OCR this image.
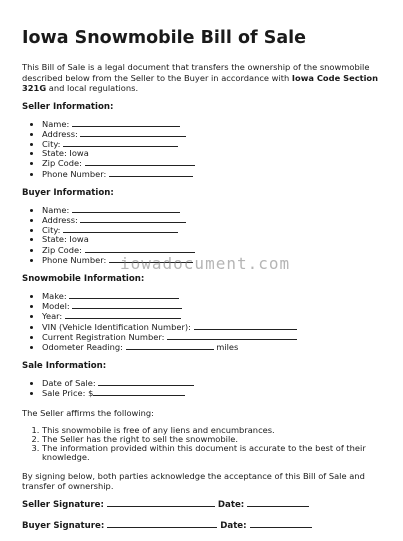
Iowa Snowmobile Bill of Sale
This Bill of Sale is a legal document that transfers the ownership of the snowmobile described below from the Seller to the Buyer in accordance with Iowa Code Section 321G and local regulations.
Seller Information:
• Name:
• Address:
• City:
• State: Iowa
• Zip Code:
• Phone Number:
Buyer Information:
• Name:
• Address:
• City:
• State: Iowa
• Zip Code:
• Phone Number:
Snowmobile Information:
• Make:
• Model:
• Year:
• VIN (Vehicle Identification Number):
• Current Registration Number:
• Odometer Reading:	miles
Sale Information:
• Date of Sale:
• Sale Price: $

The Seller affirms the following:

1. This snowmobile is free of any liens and encumbrances.
2. The Seller has the right to sell the snowmobile.
3. The information provided within this document is accurate to the best of their knowledge.

By signing below, both parties acknowledge the acceptance of this Bill of Sale and transfer of ownership.

Seller Signature:	Date:
Buyer Signature:	Date:
iowadocument.com
